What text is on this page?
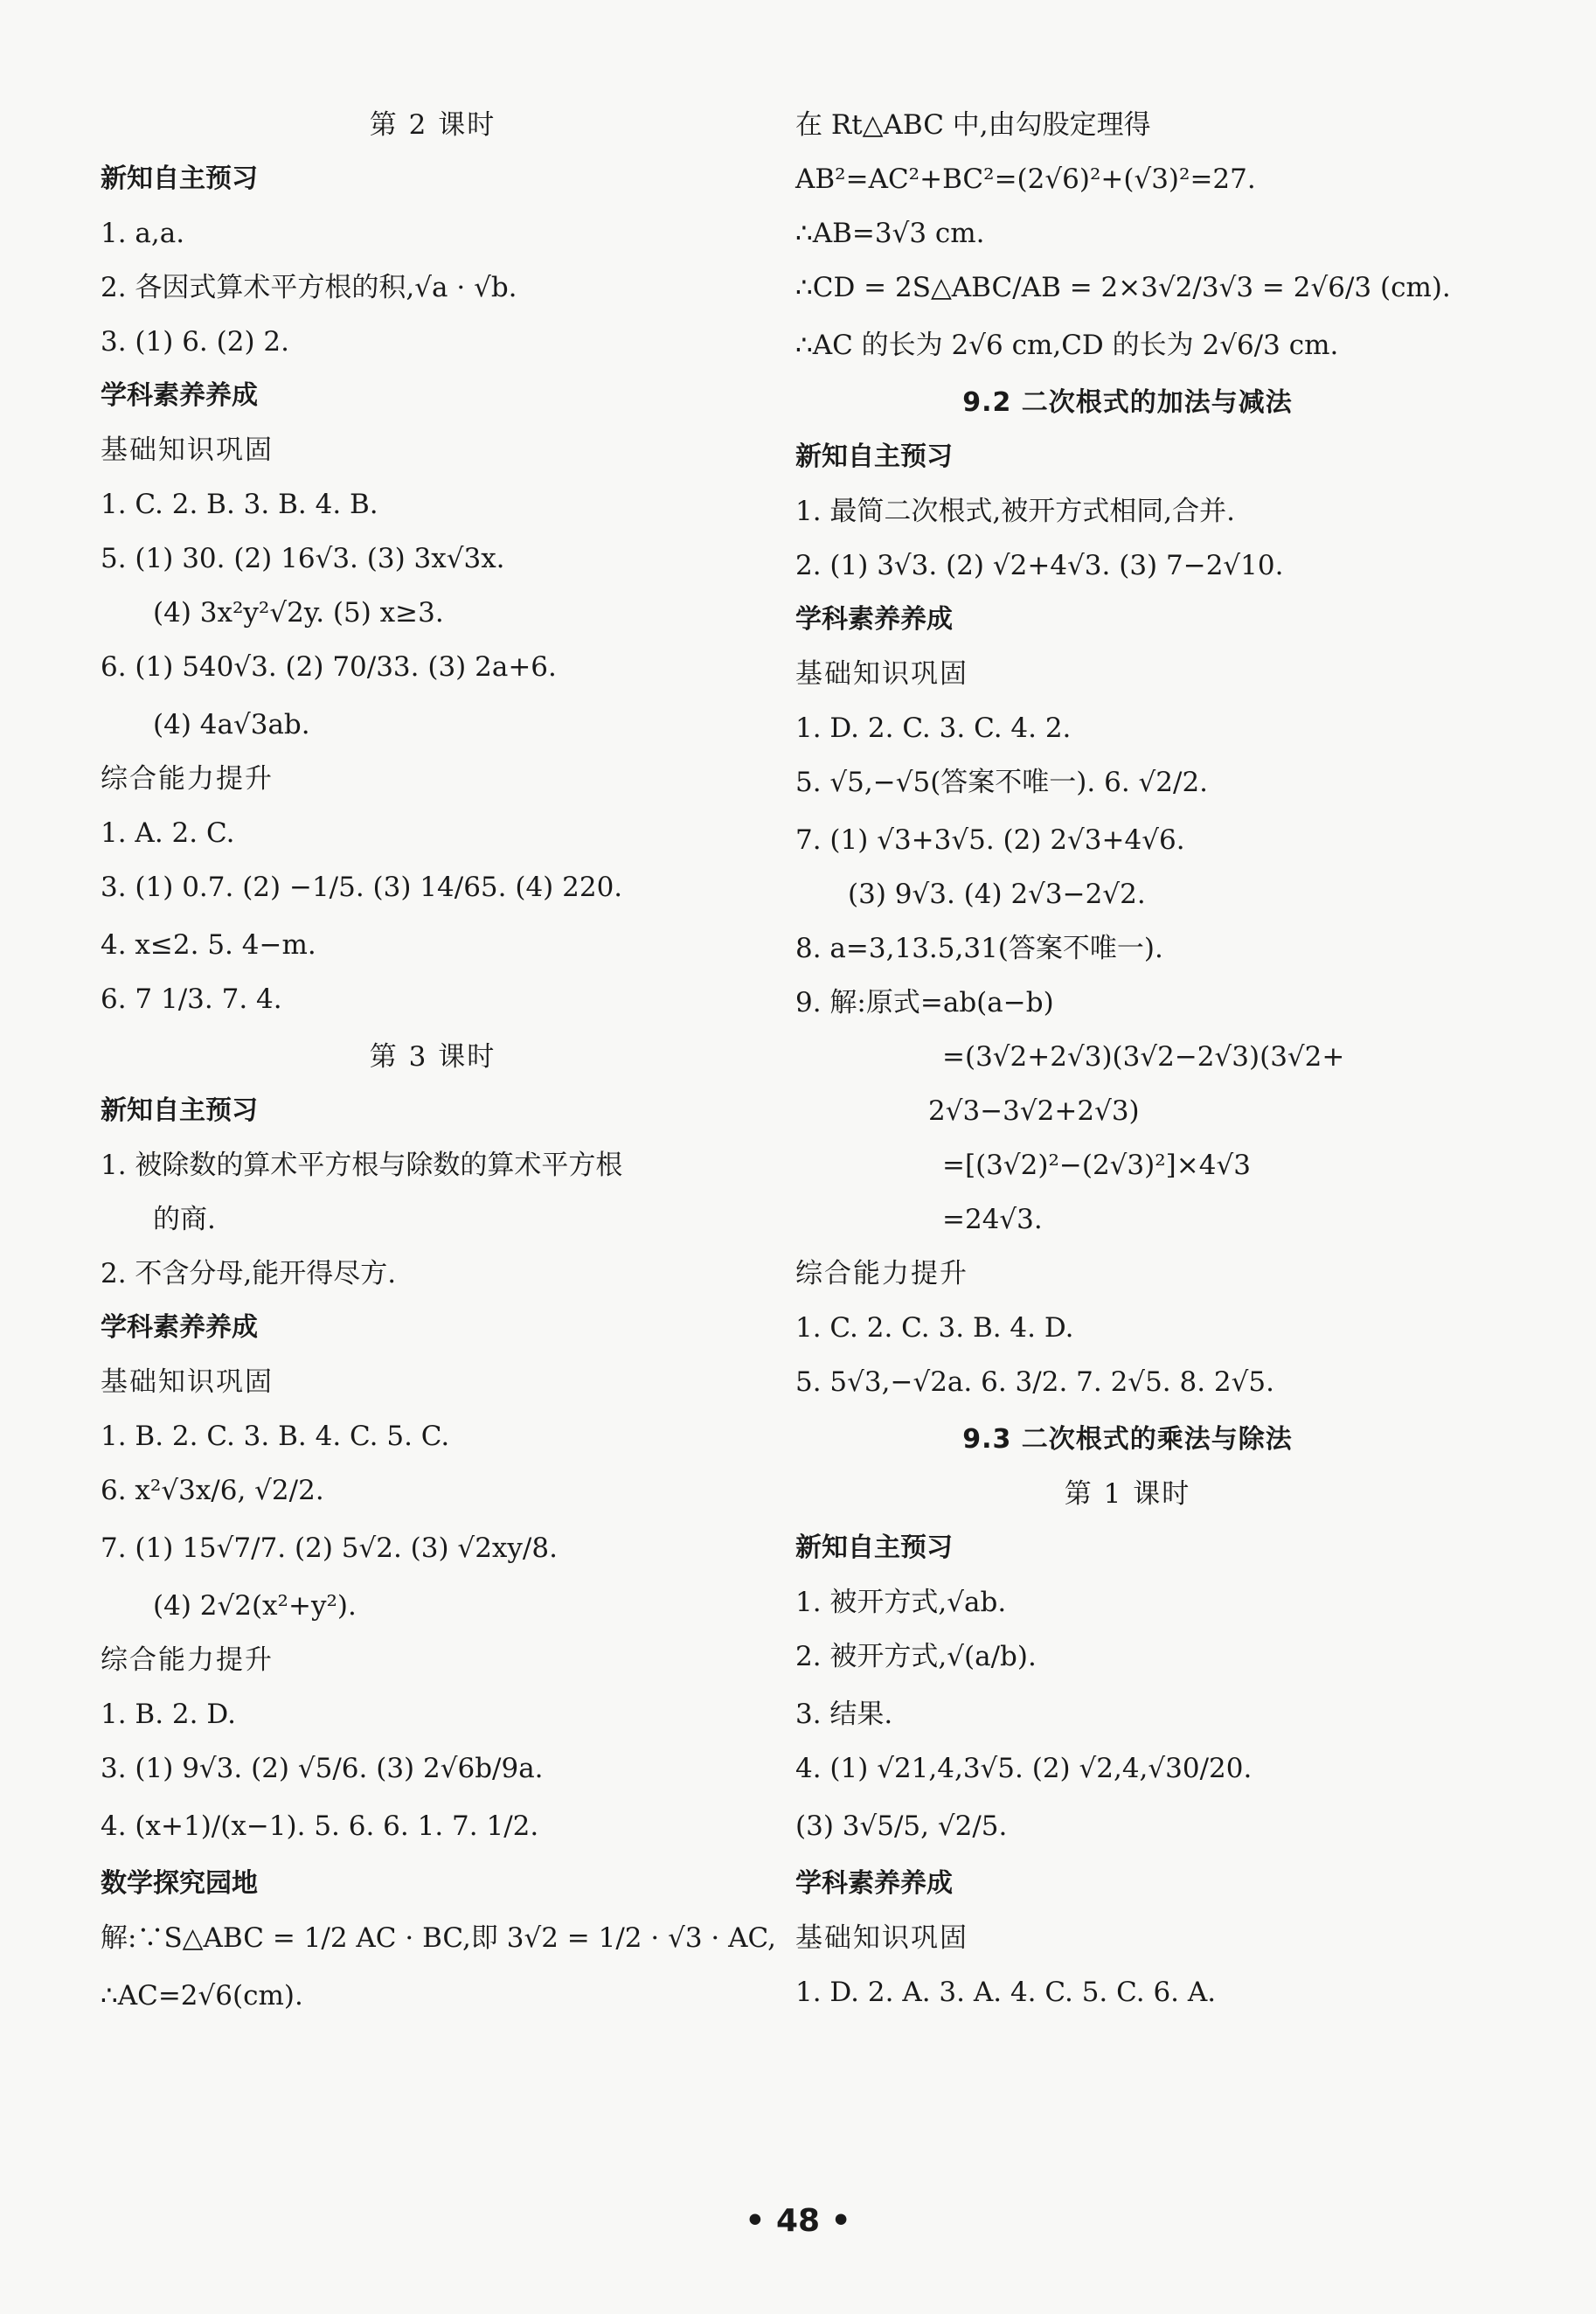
第 2 课时
新知自主预习
1. a,a.
2. 各因式算术平方根的积,√a · √b.
3. (1) 6. (2) 2.
学科素养养成
基础知识巩固
1. C. 2. B. 3. B. 4. B.
5. (1) 30. (2) 16√3. (3) 3x√3x.
(4) 3x²y²√2y. (5) x≥3.
6. (1) 540√3. (2) 70/33. (3) 2a+6.
(4) 4a√3ab.
综合能力提升
1. A. 2. C.
3. (1) 0.7. (2) −1/5. (3) 14/65. (4) 220.
4. x≤2. 5. 4−m.
6. 7 1/3. 7. 4.
第 3 课时
新知自主预习
1. 被除数的算术平方根与除数的算术平方根
的商.
2. 不含分母,能开得尽方.
学科素养养成
基础知识巩固
1. B. 2. C. 3. B. 4. C. 5. C.
6. x²√3x/6, √2/2.
7. (1) 15√7/7. (2) 5√2. (3) √2xy/8.
(4) 2√2(x²+y²).
综合能力提升
1. B. 2. D.
3. (1) 9√3. (2) √5/6. (3) 2√6b/9a.
4. (x+1)/(x−1). 5. 6. 6. 1. 7. 1/2.
数学探究园地
解:∵S△ABC = 1/2 AC · BC,即 3√2 = 1/2 · √3 · AC,
∴AC=2√6(cm).
在 Rt△ABC 中,由勾股定理得
AB²=AC²+BC²=(2√6)²+(√3)²=27.
∴AB=3√3 cm.
∴CD = 2S△ABC/AB = 2×3√2/3√3 = 2√6/3 (cm).
∴AC 的长为 2√6 cm,CD 的长为 2√6/3 cm.
9.2 二次根式的加法与减法
新知自主预习
1. 最简二次根式,被开方式相同,合并.
2. (1) 3√3. (2) √2+4√3. (3) 7−2√10.
学科素养养成
基础知识巩固
1. D. 2. C. 3. C. 4. 2.
5. √5,−√5(答案不唯一). 6. √2/2.
7. (1) √3+3√5. (2) 2√3+4√6.
(3) 9√3. (4) 2√3−2√2.
8. a=3,13.5,31(答案不唯一).
9. 解:原式=ab(a−b)
=(3√2+2√3)(3√2−2√3)(3√2+
2√3−3√2+2√3)
=[(3√2)²−(2√3)²]×4√3
=24√3.
综合能力提升
1. C. 2. C. 3. B. 4. D.
5. 5√3,−√2a. 6. 3/2. 7. 2√5. 8. 2√5.
9.3 二次根式的乘法与除法
第 1 课时
新知自主预习
1. 被开方式,√ab.
2. 被开方式,√(a/b).
3. 结果.
4. (1) √21,4,3√5. (2) √2,4,√30/20.
(3) 3√5/5, √2/5.
学科素养养成
基础知识巩固
1. D. 2. A. 3. A. 4. C. 5. C. 6. A.
• 48 •
